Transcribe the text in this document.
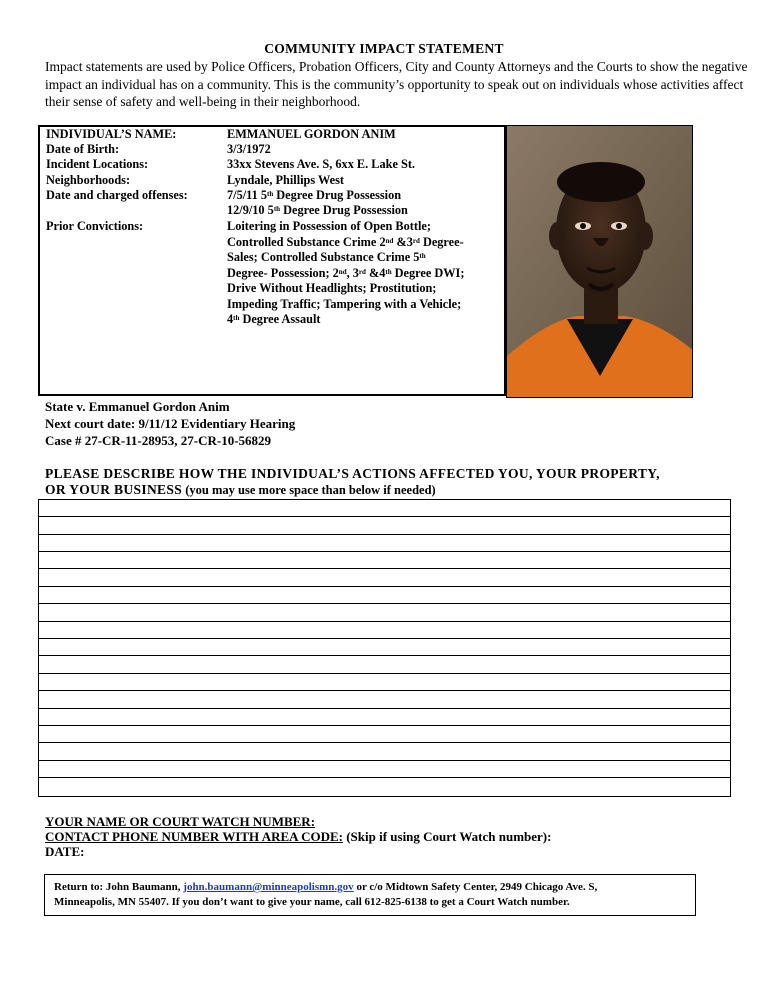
COMMUNITY IMPACT STATEMENT
Impact statements are used by Police Officers, Probation Officers, City and County Attorneys and the Courts to show the negative impact an individual has on a community. This is the community’s opportunity to speak out on individuals whose activities affect their sense of safety and well-being in their neighborhood.
INDIVIDUAL’S NAME:	EMMANUEL GORDON ANIM
Date of Birth:	3/3/1972
Incident Locations:	33xx Stevens Ave. S, 6xx E. Lake St.
Neighborhoods:	Lyndale, Phillips West
Date and charged offenses:	7/5/11 5th Degree Drug Possession
12/9/10 5th Degree Drug Possession
Prior Convictions:	Loitering in Possession of Open Bottle;
Controlled Substance Crime 2nd &3rd Degree-
Sales; Controlled Substance Crime 5th
Degree- Possession; 2nd, 3rd &4th Degree DWI;
Drive Without Headlights; Prostitution;
Impeding Traffic; Tampering with a Vehicle;
4th Degree Assault
State v. Emmanuel Gordon Anim
Next court date: 9/11/12 Evidentiary Hearing
Case # 27-CR-11-28953, 27-CR-10-56829
PLEASE DESCRIBE HOW THE INDIVIDUAL’S ACTIONS AFFECTED YOU, YOUR PROPERTY,
OR YOUR BUSINESS (you may use more space than below if needed)
YOUR NAME OR COURT WATCH NUMBER:
CONTACT PHONE NUMBER WITH AREA CODE: (Skip if using Court Watch number):
DATE:
Return to: John Baumann, john.baumann@minneapolismn.gov or c/o Midtown Safety Center, 2949 Chicago Ave. S,
Minneapolis, MN 55407. If you don’t want to give your name, call 612-825-6138 to get a Court Watch number.
